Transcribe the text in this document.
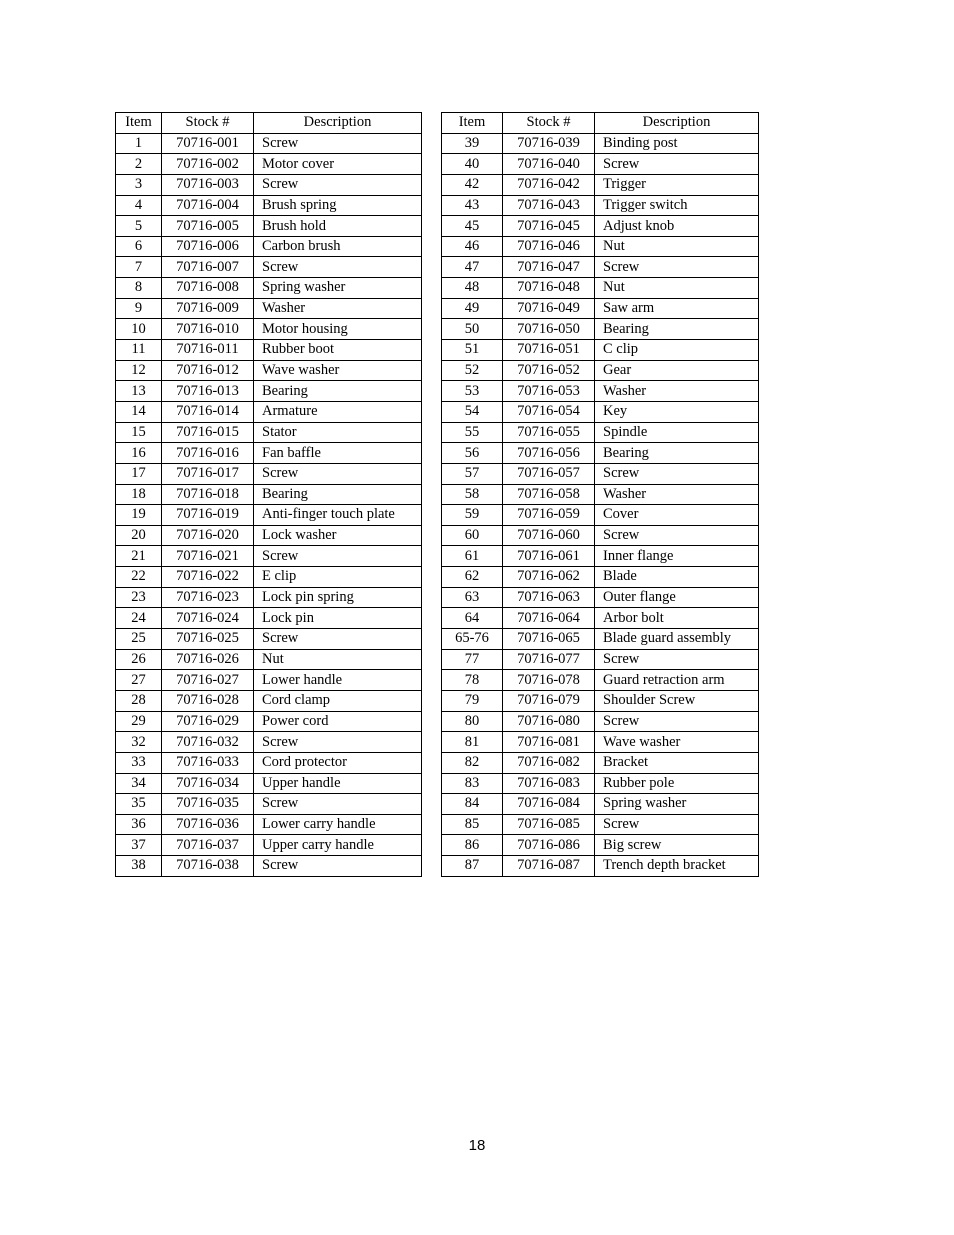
Item	Stock #	Description
1	70716-001	Screw
2	70716-002	Motor cover
3	70716-003	Screw
4	70716-004	Brush spring
5	70716-005	Brush hold
6	70716-006	Carbon brush
7	70716-007	Screw
8	70716-008	Spring washer
9	70716-009	Washer
10	70716-010	Motor housing
11	70716-011	Rubber boot
12	70716-012	Wave washer
13	70716-013	Bearing
14	70716-014	Armature
15	70716-015	Stator
16	70716-016	Fan baffle
17	70716-017	Screw
18	70716-018	Bearing
19	70716-019	Anti-finger touch plate
20	70716-020	Lock washer
21	70716-021	Screw
22	70716-022	E clip
23	70716-023	Lock pin spring
24	70716-024	Lock pin
25	70716-025	Screw
26	70716-026	Nut
27	70716-027	Lower handle
28	70716-028	Cord clamp
29	70716-029	Power cord
32	70716-032	Screw
33	70716-033	Cord protector
34	70716-034	Upper handle
35	70716-035	Screw
36	70716-036	Lower carry handle
37	70716-037	Upper carry handle
38	70716-038	Screw
Item	Stock #	Description
39	70716-039	Binding post
40	70716-040	Screw
42	70716-042	Trigger
43	70716-043	Trigger switch
45	70716-045	Adjust knob
46	70716-046	Nut
47	70716-047	Screw
48	70716-048	Nut
49	70716-049	Saw arm
50	70716-050	Bearing
51	70716-051	C clip
52	70716-052	Gear
53	70716-053	Washer
54	70716-054	Key
55	70716-055	Spindle
56	70716-056	Bearing
57	70716-057	Screw
58	70716-058	Washer
59	70716-059	Cover
60	70716-060	Screw
61	70716-061	Inner flange
62	70716-062	Blade
63	70716-063	Outer flange
64	70716-064	Arbor bolt
65-76	70716-065	Blade guard assembly
77	70716-077	Screw
78	70716-078	Guard retraction arm
79	70716-079	Shoulder Screw
80	70716-080	Screw
81	70716-081	Wave washer
82	70716-082	Bracket
83	70716-083	Rubber pole
84	70716-084	Spring washer
85	70716-085	Screw
86	70716-086	Big screw
87	70716-087	Trench depth bracket
18
